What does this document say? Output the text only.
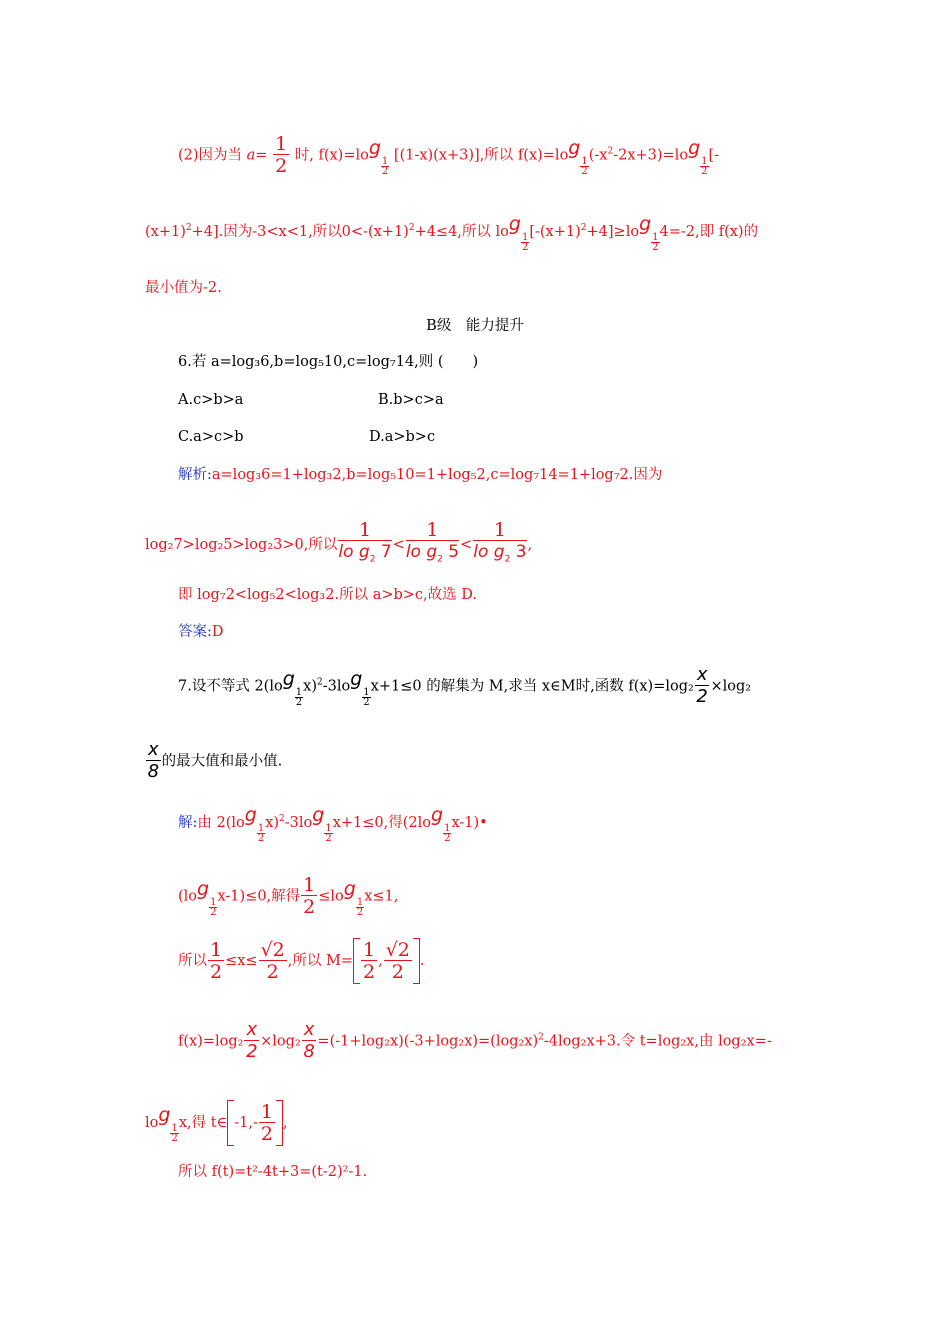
(2)因为当 $a= \frac{1}{2}$ 时, f(x)=log
$\frac{1}{2}$
[(1-x)(x+3)],所以 f(x)=log
$\frac{1}{2}$
$(-x^2-2x+3)=\log$
$\frac{1}{2}$
[-
$(x+1)^2+4$].因为-3<x<1,所以$0<-(x+1)^2+4\le 4$,所以 log
$\frac{1}{2}$
$[-(x+1)^2+4]\ge\log$
$\frac{1}{2}$
4=-2,即 f(x)的
最小值为-2.
B级　能力提升
6.若 a=log₃6,b=log₅10,c=log₇14,则 (　　)
A.c>b>a	B.b>c>a
C.a>c>b	D.a>b>c
解析:a=log₃6=1+log₃2,b=log₅10=1+log₅2,c=log₇14=1+log₇2.因为
log₂7>log₂5>log₂3>0,所以 $\frac{1}{lo g_2 7} < \frac{1}{lo g_2 5} < \frac{1}{lo g_2 3}$ ,
即 log₇2<log₅2<log₃2.所以 a>b>c,故选 D.
答案:D
7.设不等式 2(log
$\frac{1}{2}$
x)$^2$-3log
$\frac{1}{2}$
x+1≤0 的解集为 M,求当 x∈M时,函数 $f(x)=\log_2 \frac{x}{2} \times\log_2$
$\frac{x}{8}$ 的最大值和最小值.
解:由 2(log
$\frac{1}{2}$
x)$^2$-3log
$\frac{1}{2}$
x+1≤0,得(2log
$\frac{1}{2}$
x-1)•
(log
$\frac{1}{2}$
x-1)≤0,解得 $\frac{1}{2} \le\log$
$\frac{1}{2}$
x≤1,
所以 $\frac{1}{2} \le x\le \frac{√2}{2}$ ,所以 $M= \frac{1}{2}$ , $\frac{√2}{2}$ .
$f(x)=\log_2 \frac{x}{2} \times\log_2 \frac{x}{8} =(-1+\log_2x)(-3+\log_2x)=(\log_2x)^2-4\log_2x+3$.令 t=log₂x,由 log₂x=-
log
$\frac{1}{2}$
x,得 t∈ $-1,- \frac{1}{2}$ ,
所以 f(t)=t²-4t+3=(t-2)²-1.
